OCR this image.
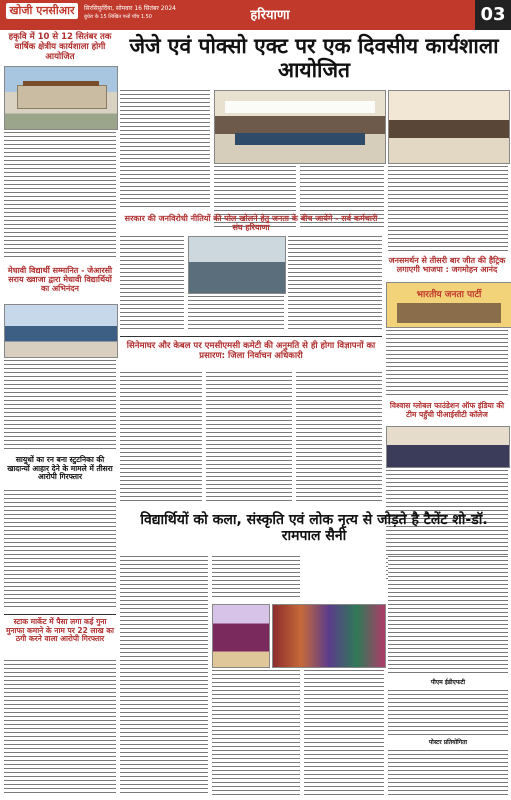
खोजी एनसीआर	सिरसिफ़ुर्दिया, सोमवार 16 सितंबर 2024
बुधेरा के 15 लिखित पत्तों पाँच 1.50	हरियाणा	03
हकृवि में 10 से 12 सितंबर तक वार्षिक क्षेत्रीय कार्यशाला होगी आयोजित	जेजे एवं पोक्सो एक्ट पर एक दिवसीय कार्यशाला आयोजित
सरकार की जनविरोधी नीतियों की पोल खोलने हेतु जनता के बीच जायेंगे - सर्व कर्मचारी संघ हरियाणा
जनसमर्थन से तीसरी बार जीत की हैट्रिक लगाएगी भाजपा : जगमोहन आनंद
भारतीय जनता पार्टी
मेधावी विद्यार्थी सम्मानित - जेआरसी सराय ख्वाजा द्वारा मेधावी विद्यार्थियों का अभिनंदन
सायुधों का रन बना स्टुटनिका की खादान्यों आहार देने के मामले में तीसरा आरोपी गिरफ्तार
सिनेमाघर और केबल पर एमसीएमसी कमेटी की अनुमति से ही होगा विज्ञापनों का प्रसारण: जिला निर्वाचन अधिकारी
विश्वास ग्लोबल फाउंडेशन ऑफ इंडिया की टीम पहुँची पीआईसीटी कॉलेज
स्टाक मार्केट में पैसा लगा कई गुना मुनाफा कमाने के नाम पर 22 लाख का ठगी करने वाला आरोपी गिरफ्तार
विद्यार्थियों को कला, संस्कृति एवं लोक नृत्य से जोड़ते है टैलेंट शो-डॉ. रामपाल सैनी
पीएम ईडीएफटी
पोस्टर प्रतियोगिता
